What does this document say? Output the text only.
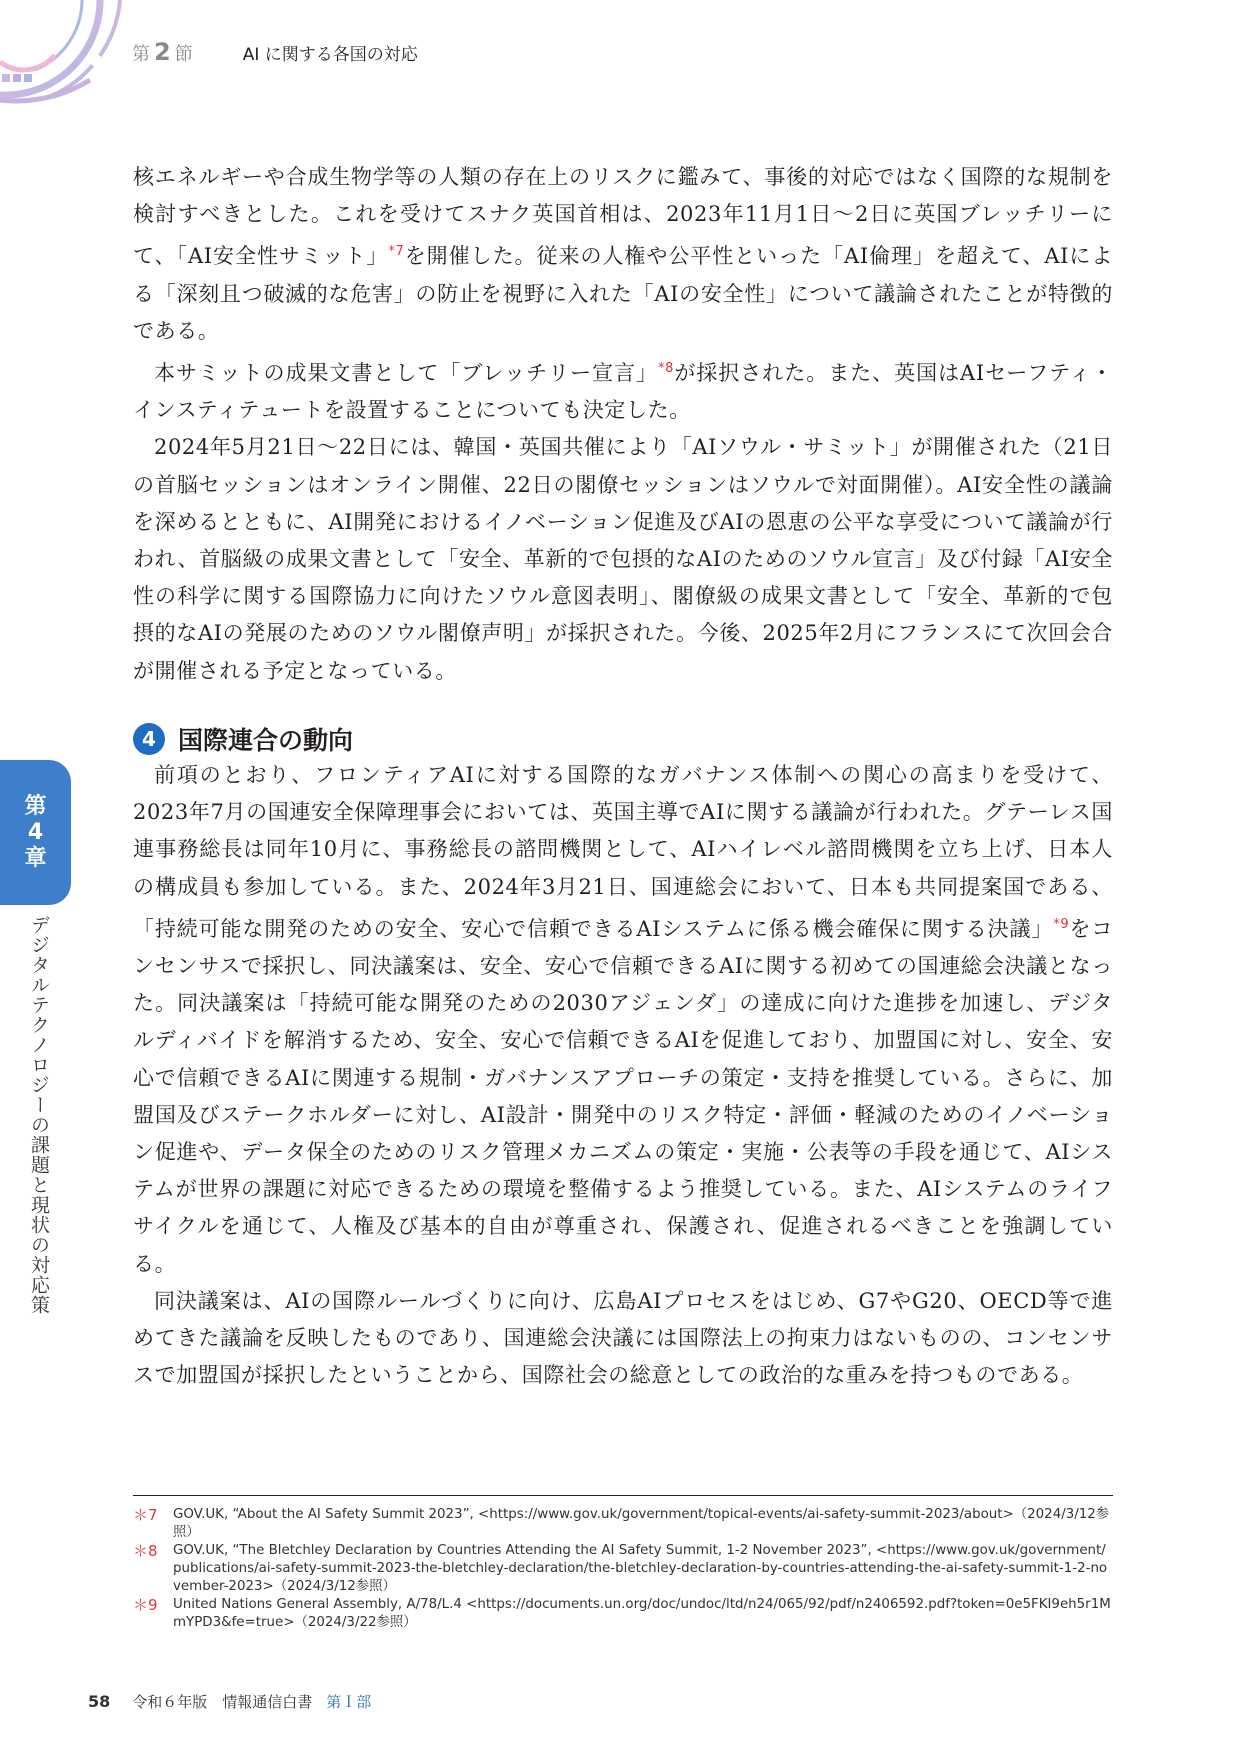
第 2 節	AI に関する各国の対応

核エネルギーや合成生物学等の人類の存在上のリスクに鑑みて、事後的対応ではなく国際的な規制を検討すべきとした。これを受けてスナク英国首相は、2023年11月1日～2日に英国ブレッチリーにて、「AI安全性サミット」$^{*7}$を開催した。従来の人権や公平性といった「AI倫理」を超えて、AIによる「深刻且つ破滅的な危害」の防止を視野に入れた「AIの安全性」について議論されたことが特徴的である。

本サミットの成果文書として「ブレッチリー宣言」$^{*8}$が採択された。また、英国はAIセーフティ・インスティテュートを設置することについても決定した。

2024年5月21日～22日には、韓国・英国共催により「AIソウル・サミット」が開催された（21日の首脳セッションはオンライン開催、22日の閣僚セッションはソウルで対面開催）。AI安全性の議論を深めるとともに、AI開発におけるイノベーション促進及びAIの恩恵の公平な享受について議論が行われ、首脳級の成果文書として「安全、革新的で包摂的なAIのためのソウル宣言」及び付録「AI安全性の科学に関する国際協力に向けたソウル意図表明」、閣僚級の成果文書として「安全、革新的で包摂的なAIの発展のためのソウル閣僚声明」が採択された。今後、2025年2月にフランスにて次回会合が開催される予定となっている。

4 国際連合の動向

前項のとおり、フロンティアAIに対する国際的なガバナンス体制への関心の高まりを受けて、2023年7月の国連安全保障理事会においては、英国主導でAIに関する議論が行われた。グテーレス国連事務総長は同年10月に、事務総長の諮問機関として、AIハイレベル諮問機関を立ち上げ、日本人の構成員も参加している。また、2024年3月21日、国連総会において、日本も共同提案国である、「持続可能な開発のための安全、安心で信頼できるAIシステムに係る機会確保に関する決議」$^{*9}$をコンセンサスで採択し、同決議案は、安全、安心で信頼できるAIに関する初めての国連総会決議となった。同決議案は「持続可能な開発のための2030アジェンダ」の達成に向けた進捗を加速し、デジタルディバイドを解消するため、安全、安心で信頼できるAIを促進しており、加盟国に対し、安全、安心で信頼できるAIに関連する規制・ガバナンスアプローチの策定・支持を推奨している。さらに、加盟国及びステークホルダーに対し、AI設計・開発中のリスク特定・評価・軽減のためのイノベーション促進や、データ保全のためのリスク管理メカニズムの策定・実施・公表等の手段を通じて、AIシステムが世界の課題に対応できるための環境を整備するよう推奨している。また、AIシステムのライフサイクルを通じて、人権及び基本的自由が尊重され、保護され、促進されるべきことを強調している。

同決議案は、AIの国際ルールづくりに向け、広島AIプロセスをはじめ、G7やG20、OECD等で進めてきた議論を反映したものであり、国連総会決議には国際法上の拘束力はないものの、コンセンサスで加盟国が採択したということから、国際社会の総意としての政治的な重みを持つものである。

第
4
章
デジタルテクノロジーの課題と現状の対応策
＊7	GOV.UK, “About the AI Safety Summit 2023”, <https://www.gov.uk/government/topical-events/ai-safety-summit-2023/about>（2024/3/12参照）
＊8	GOV.UK, “The Bletchley Declaration by Countries Attending the AI Safety Summit, 1-2 November 2023”, <https://www.gov.uk/government/publications/ai-safety-summit-2023-the-bletchley-declaration/the-bletchley-declaration-by-countries-attending-the-ai-safety-summit-1-2-november-2023>（2024/3/12参照）
＊9	United Nations General Assembly, A/78/L.4 <https://documents.un.org/doc/undoc/ltd/n24/065/92/pdf/n2406592.pdf?token=0e5FKI9eh5r1MmYPD3&fe=true>（2024/3/22参照）
58 令和６年版　情報通信白書 第Ｉ部
